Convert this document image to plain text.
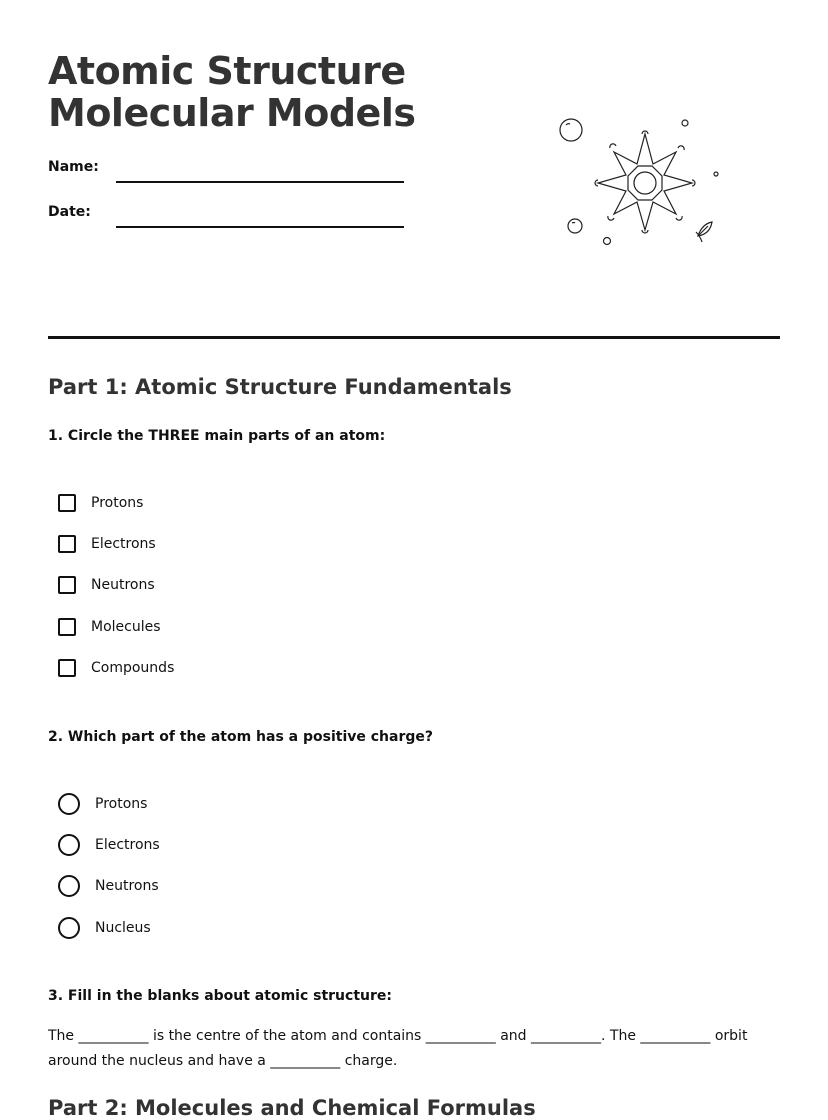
Atomic Structure
Molecular Models
Name:
Date:
Part 1: Atomic Structure Fundamentals
1. Circle the THREE main parts of an atom:
Protons
Electrons
Neutrons
Molecules
Compounds
2. Which part of the atom has a positive charge?
Protons
Electrons
Neutrons
Nucleus
3. Fill in the blanks about atomic structure:

The __________ is the centre of the atom and contains __________ and __________. The __________ orbit around the nucleus and have a __________ charge.

Part 2: Molecules and Chemical Formulas
